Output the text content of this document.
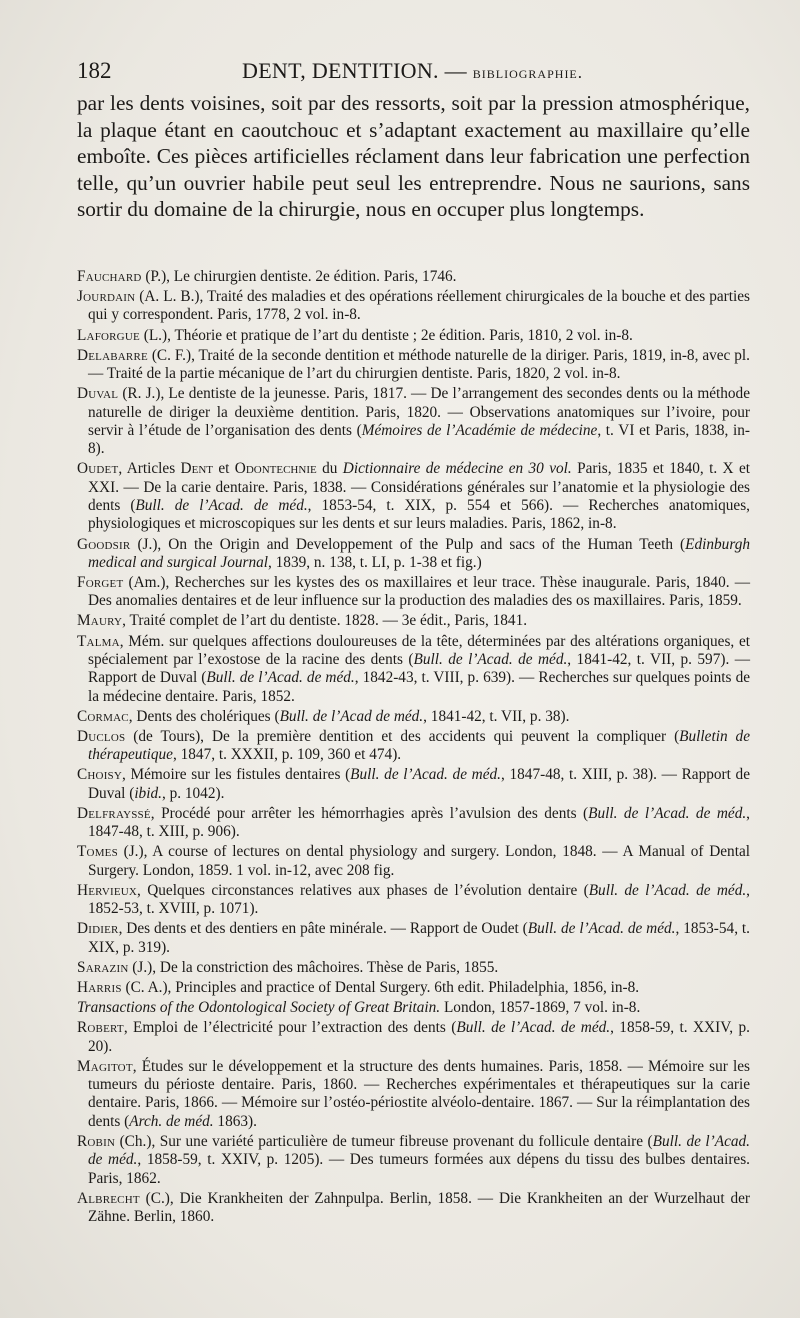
182	DENT, DENTITION. — bibliographie.

par les dents voisines, soit par des ressorts, soit par la pression atmosphérique, la plaque étant en caoutchouc et s’adaptant exactement au maxillaire qu’elle emboîte. Ces pièces artificielles réclament dans leur fabrication une perfection telle, qu’un ouvrier habile peut seul les entreprendre. Nous ne saurions, sans sortir du domaine de la chirurgie, nous en occuper plus longtemps.

Fauchard (P.), Le chirurgien dentiste. 2e édition. Paris, 1746.

Jourdain (A. L. B.), Traité des maladies et des opérations réellement chirurgicales de la bouche et des parties qui y correspondent. Paris, 1778, 2 vol. in-8.

Laforgue (L.), Théorie et pratique de l’art du dentiste ; 2e édition. Paris, 1810, 2 vol. in-8.

Delabarre (C. F.), Traité de la seconde dentition et méthode naturelle de la diriger. Paris, 1819, in-8, avec pl. — Traité de la partie mécanique de l’art du chirurgien dentiste. Paris, 1820, 2 vol. in-8.

Duval (R. J.), Le dentiste de la jeunesse. Paris, 1817. — De l’arrangement des secondes dents ou la méthode naturelle de diriger la deuxième dentition. Paris, 1820. — Observations anatomiques sur l’ivoire, pour servir à l’étude de l’organisation des dents (Mémoires de l’Académie de médecine, t. VI et Paris, 1838, in-8).

Oudet, Articles Dent et Odontechnie du Dictionnaire de médecine en 30 vol. Paris, 1835 et 1840, t. X et XXI. — De la carie dentaire. Paris, 1838. — Considérations générales sur l’anatomie et la physiologie des dents (Bull. de l’Acad. de méd., 1853-54, t. XIX, p. 554 et 566). — Recherches anatomiques, physiologiques et microscopiques sur les dents et sur leurs maladies. Paris, 1862, in-8.

Goodsir (J.), On the Origin and Developpement of the Pulp and sacs of the Human Teeth (Edinburgh medical and surgical Journal, 1839, n. 138, t. LI, p. 1-38 et fig.)

Forget (Am.), Recherches sur les kystes des os maxillaires et leur trace. Thèse inaugurale. Paris, 1840. — Des anomalies dentaires et de leur influence sur la production des maladies des os maxillaires. Paris, 1859.

Maury, Traité complet de l’art du dentiste. 1828. — 3e édit., Paris, 1841.

Talma, Mém. sur quelques affections douloureuses de la tête, déterminées par des altérations organiques, et spécialement par l’exostose de la racine des dents (Bull. de l’Acad. de méd., 1841-42, t. VII, p. 597). — Rapport de Duval (Bull. de l’Acad. de méd., 1842-43, t. VIII, p. 639). — Recherches sur quelques points de la médecine dentaire. Paris, 1852.

Cormac, Dents des cholériques (Bull. de l’Acad de méd., 1841-42, t. VII, p. 38).

Duclos (de Tours), De la première dentition et des accidents qui peuvent la compliquer (Bulletin de thérapeutique, 1847, t. XXXII, p. 109, 360 et 474).

Choisy, Mémoire sur les fistules dentaires (Bull. de l’Acad. de méd., 1847-48, t. XIII, p. 38). — Rapport de Duval (ibid., p. 1042).

Delfrayssé, Procédé pour arrêter les hémorrhagies après l’avulsion des dents (Bull. de l’Acad. de méd., 1847-48, t. XIII, p. 906).

Tomes (J.), A course of lectures on dental physiology and surgery. London, 1848. — A Manual of Dental Surgery. London, 1859. 1 vol. in-12, avec 208 fig.

Hervieux, Quelques circonstances relatives aux phases de l’évolution dentaire (Bull. de l’Acad. de méd., 1852-53, t. XVIII, p. 1071).

Didier, Des dents et des dentiers en pâte minérale. — Rapport de Oudet (Bull. de l’Acad. de méd., 1853-54, t. XIX, p. 319).

Sarazin (J.), De la constriction des mâchoires. Thèse de Paris, 1855.

Harris (C. A.), Principles and practice of Dental Surgery. 6th edit. Philadelphia, 1856, in-8.

Transactions of the Odontological Society of Great Britain. London, 1857-1869, 7 vol. in-8.

Robert, Emploi de l’électricité pour l’extraction des dents (Bull. de l’Acad. de méd., 1858-59, t. XXIV, p. 20).

Magitot, Études sur le développement et la structure des dents humaines. Paris, 1858. — Mémoire sur les tumeurs du périoste dentaire. Paris, 1860. — Recherches expérimentales et thérapeutiques sur la carie dentaire. Paris, 1866. — Mémoire sur l’ostéo-périostite alvéolo-dentaire. 1867. — Sur la réimplantation des dents (Arch. de méd. 1863).

Robin (Ch.), Sur une variété particulière de tumeur fibreuse provenant du follicule dentaire (Bull. de l’Acad. de méd., 1858-59, t. XXIV, p. 1205). — Des tumeurs formées aux dépens du tissu des bulbes dentaires. Paris, 1862.

Albrecht (C.), Die Krankheiten der Zahnpulpa. Berlin, 1858. — Die Krankheiten an der Wurzelhaut der Zähne. Berlin, 1860.
